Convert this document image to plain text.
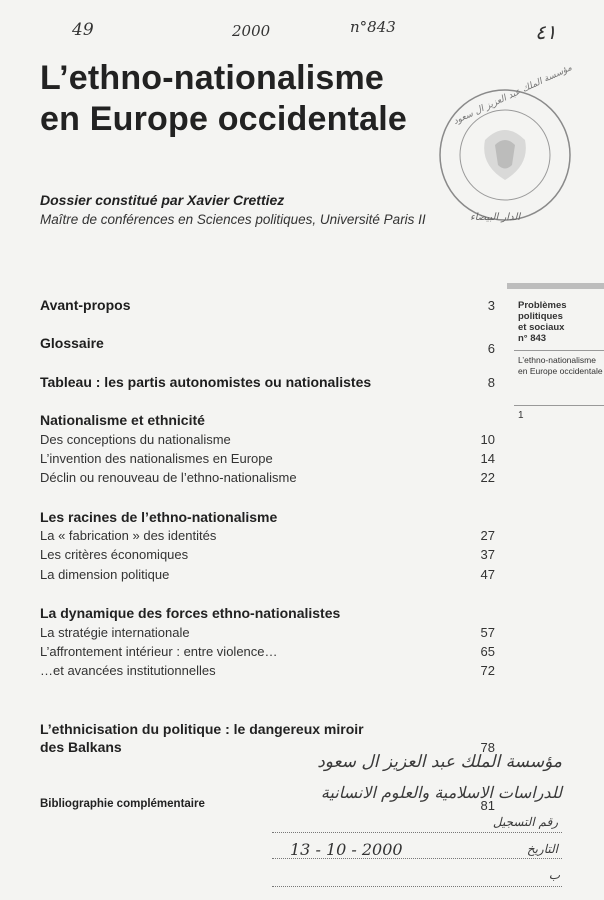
49	2000	n°843	٤١
L’ethno-nationalisme
en Europe occidentale	مؤسسة الملك عبد العزيز ال سعود
الدار البيضاء
Dossier constitué par Xavier Crettiez
Maître de conférences en Sciences politiques, Université Paris II
Problèmes
politiques
et sociaux
n° 843
L’ethno-nationalisme
en Europe occidentale
1
Avant-propos	3
Glossaire	6
Tableau : les partis autonomistes ou nationalistes	8
Nationalisme et ethnicité
Des conceptions du nationalisme	10
L’invention des nationalismes en Europe	14
Déclin ou renouveau de l’ethno-nationalisme	22
Les racines de l’ethno-nationalisme
La « fabrication » des identités	27
Les critères économiques	37
La dimension politique	47
La dynamique des forces ethno-nationalistes
La stratégie internationale	57
L’affrontement intérieur : entre violence…	65
…et avancées institutionnelles	72
L’ethnicisation du politique : le dangereux miroir
des Balkans	78
Bibliographie complémentaire	81
مؤسسة الملك عبد العزيز ال سعود
للدراسات الاسلامية والعلوم الانسانية
رقم التسجيل
التاريخ
13 - 10 - 2000
ب
